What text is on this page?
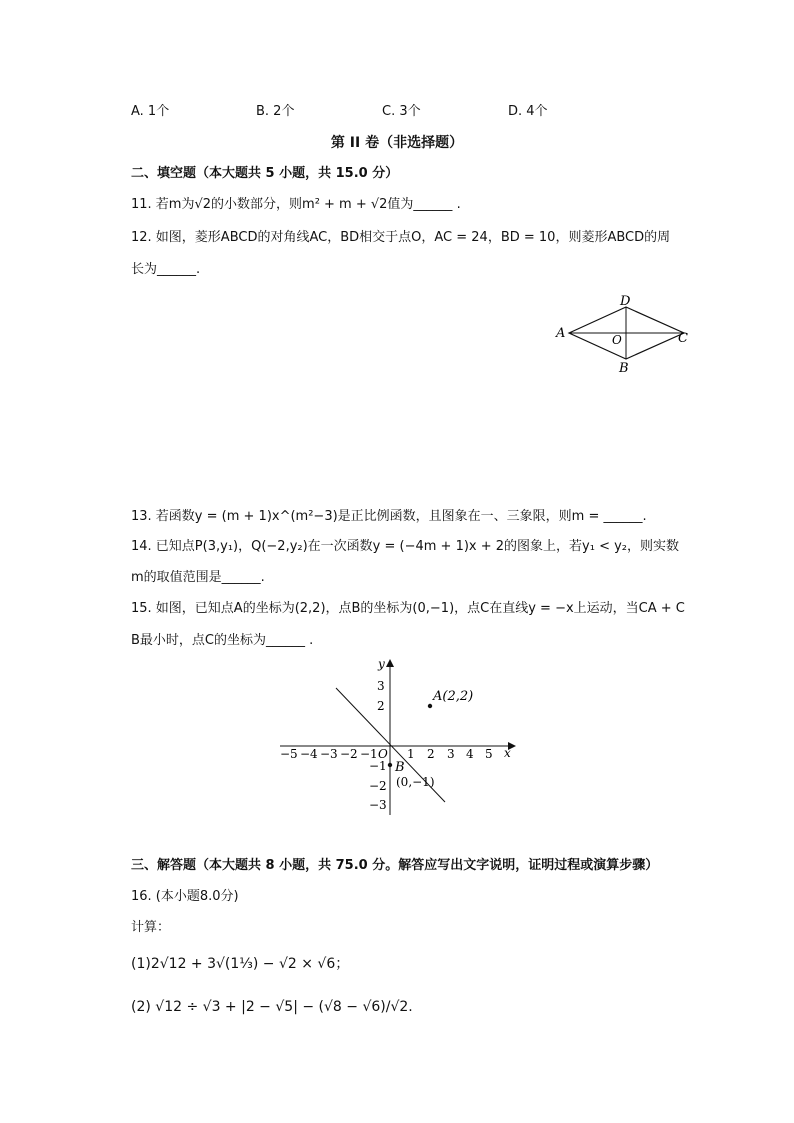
A. 1个	B. 2个	C. 3个	D. 4个
第 II 卷（非选择题）
二、填空题（本大题共 5 小题，共 15.0 分）
11. 若m为√2的小数部分，则m² + m + √2值为______ .
12. 如图，菱形ABCD的对角线AC，BD相交于点O，AC = 24，BD = 10，则菱形ABCD的周
长为______.
A
D
C
B
O
13. 若函数y = (m + 1)x^(m²−3)是正比例函数，且图象在一、三象限，则m = ______.
14. 已知点P(3,y₁)，Q(−2,y₂)在一次函数y = (−4m + 1)x + 2的图象上，若y₁ < y₂，则实数
m的取值范围是______.
15. 如图，已知点A的坐标为(2,2)，点B的坐标为(0,−1)，点C在直线y = −x上运动，当CA + C
B最小时，点C的坐标为______ .
x
y
O
−5 −4 −3 −2 −1 1 2 3 4 5
3
2
−1
−2
−3
A(2,2)
B
(0,−1)
三、解答题（本大题共 8 小题，共 75.0 分。解答应写出文字说明，证明过程或演算步骤）
16. (本小题8.0分)
计算：
(1)2√12 + 3√(1⅓) − √2 × √6；
(2) √12 ÷ √3 + |2 − √5| − (√8 − √6)/√2.
